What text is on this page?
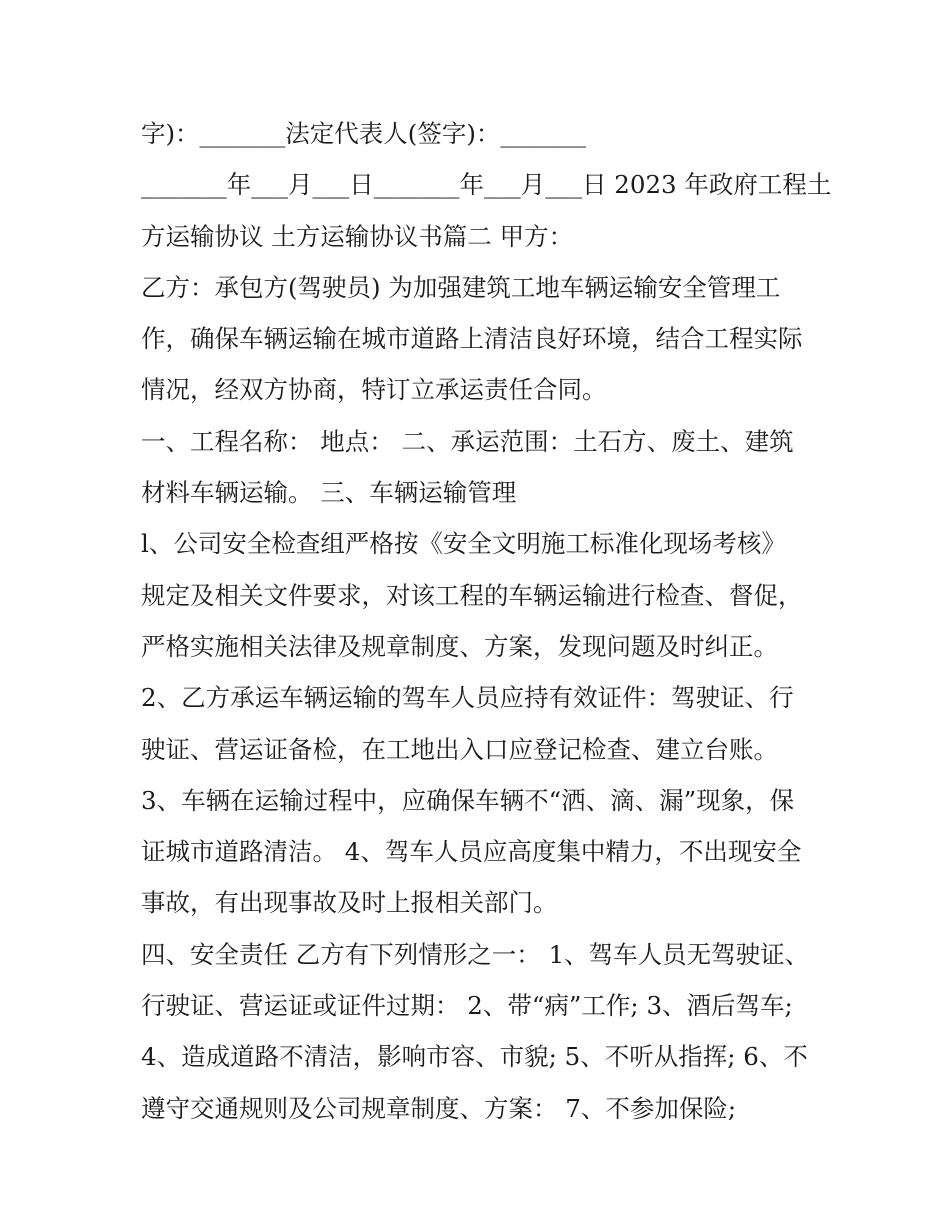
字)：_______法定代表人(签字)：_______
_______年___月___日_______年___月___日 2023 年政府工程土
方运输协议 土方运输协议书篇二 甲方：
乙方：承包方(驾驶员) 为加强建筑工地车辆运输安全管理工
作，确保车辆运输在城市道路上清洁良好环境，结合工程实际
情况，经双方协商，特订立承运责任合同。
一、工程名称： 地点： 二、承运范围：土石方、废土、建筑
材料车辆运输。 三、车辆运输管理
l、公司安全检查组严格按《安全文明施工标准化现场考核》
规定及相关文件要求，对该工程的车辆运输进行检查、督促，
严格实施相关法律及规章制度、方案，发现问题及时纠正。
2、乙方承运车辆运输的驾车人员应持有效证件：驾驶证、行
驶证、营运证备检，在工地出入口应登记检查、建立台账。
3、车辆在运输过程中，应确保车辆不“洒、滴、漏”现象，保
证城市道路清洁。 4、驾车人员应高度集中精力，不出现安全
事故，有出现事故及时上报相关部门。
四、安全责任 乙方有下列情形之一： 1、驾车人员无驾驶证、
行驶证、营运证或证件过期： 2、带“病”工作; 3、酒后驾车;
4、造成道路不清洁，影响市容、市貌; 5、不听从指挥; 6、不
遵守交通规则及公司规章制度、方案： 7、不参加保险;
